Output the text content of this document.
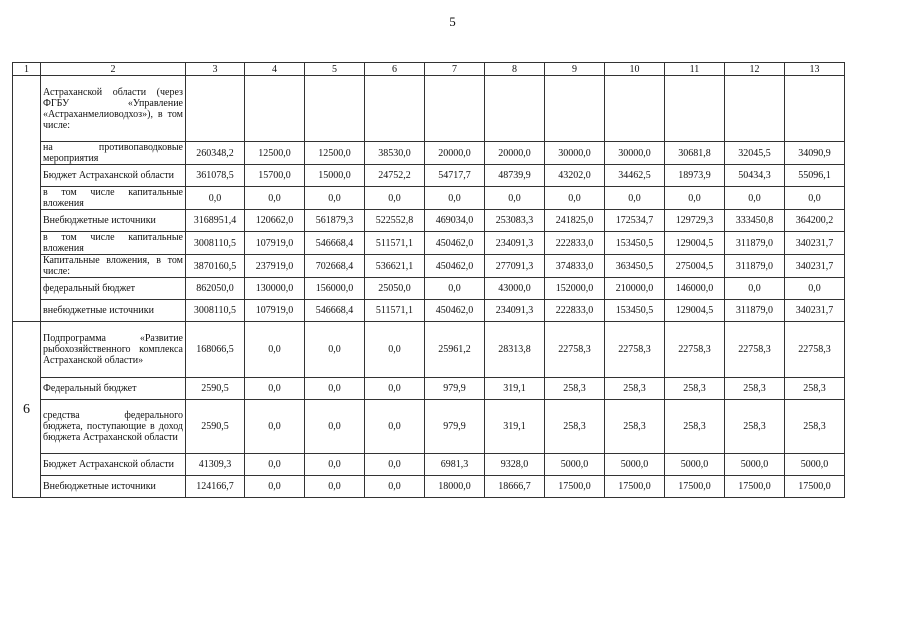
5
1	2	3	4	5	6	7	8	9	10	11	12	13
	Астраханской области (через ФГБУ «Управление «Астраханмелиоводхоз»), в том числе:											
	на противопаводковые мероприятия	260348,2	12500,0	12500,0	38530,0	20000,0	20000,0	30000,0	30000,0	30681,8	32045,5	34090,9
	Бюджет Астраханской области	361078,5	15700,0	15000,0	24752,2	54717,7	48739,9	43202,0	34462,5	18973,9	50434,3	55096,1
	в том числе капитальные вложения	0,0	0,0	0,0	0,0	0,0	0,0	0,0	0,0	0,0	0,0	0,0
	Внебюджетные источники	3168951,4	120662,0	561879,3	522552,8	469034,0	253083,3	241825,0	172534,7	129729,3	333450,8	364200,2
	в том числе капитальные вложения	3008110,5	107919,0	546668,4	511571,1	450462,0	234091,3	222833,0	153450,5	129004,5	311879,0	340231,7
	Капитальные вложения, в том числе:	3870160,5	237919,0	702668,4	536621,1	450462,0	277091,3	374833,0	363450,5	275004,5	311879,0	340231,7
	федеральный бюджет	862050,0	130000,0	156000,0	25050,0	0,0	43000,0	152000,0	210000,0	146000,0	0,0	0,0
	внебюджетные источники	3008110,5	107919,0	546668,4	511571,1	450462,0	234091,3	222833,0	153450,5	129004,5	311879,0	340231,7
6	Подпрограмма «Развитие рыбохозяйственного комплекса Астраханской области»	168066,5	0,0	0,0	0,0	25961,2	28313,8	22758,3	22758,3	22758,3	22758,3	22758,3
	Федеральный бюджет	2590,5	0,0	0,0	0,0	979,9	319,1	258,3	258,3	258,3	258,3	258,3
	средства федерального бюджета, поступающие в доход бюджета Астраханской области	2590,5	0,0	0,0	0,0	979,9	319,1	258,3	258,3	258,3	258,3	258,3
	Бюджет Астраханской области	41309,3	0,0	0,0	0,0	6981,3	9328,0	5000,0	5000,0	5000,0	5000,0	5000,0
	Внебюджетные источники	124166,7	0,0	0,0	0,0	18000,0	18666,7	17500,0	17500,0	17500,0	17500,0	17500,0
